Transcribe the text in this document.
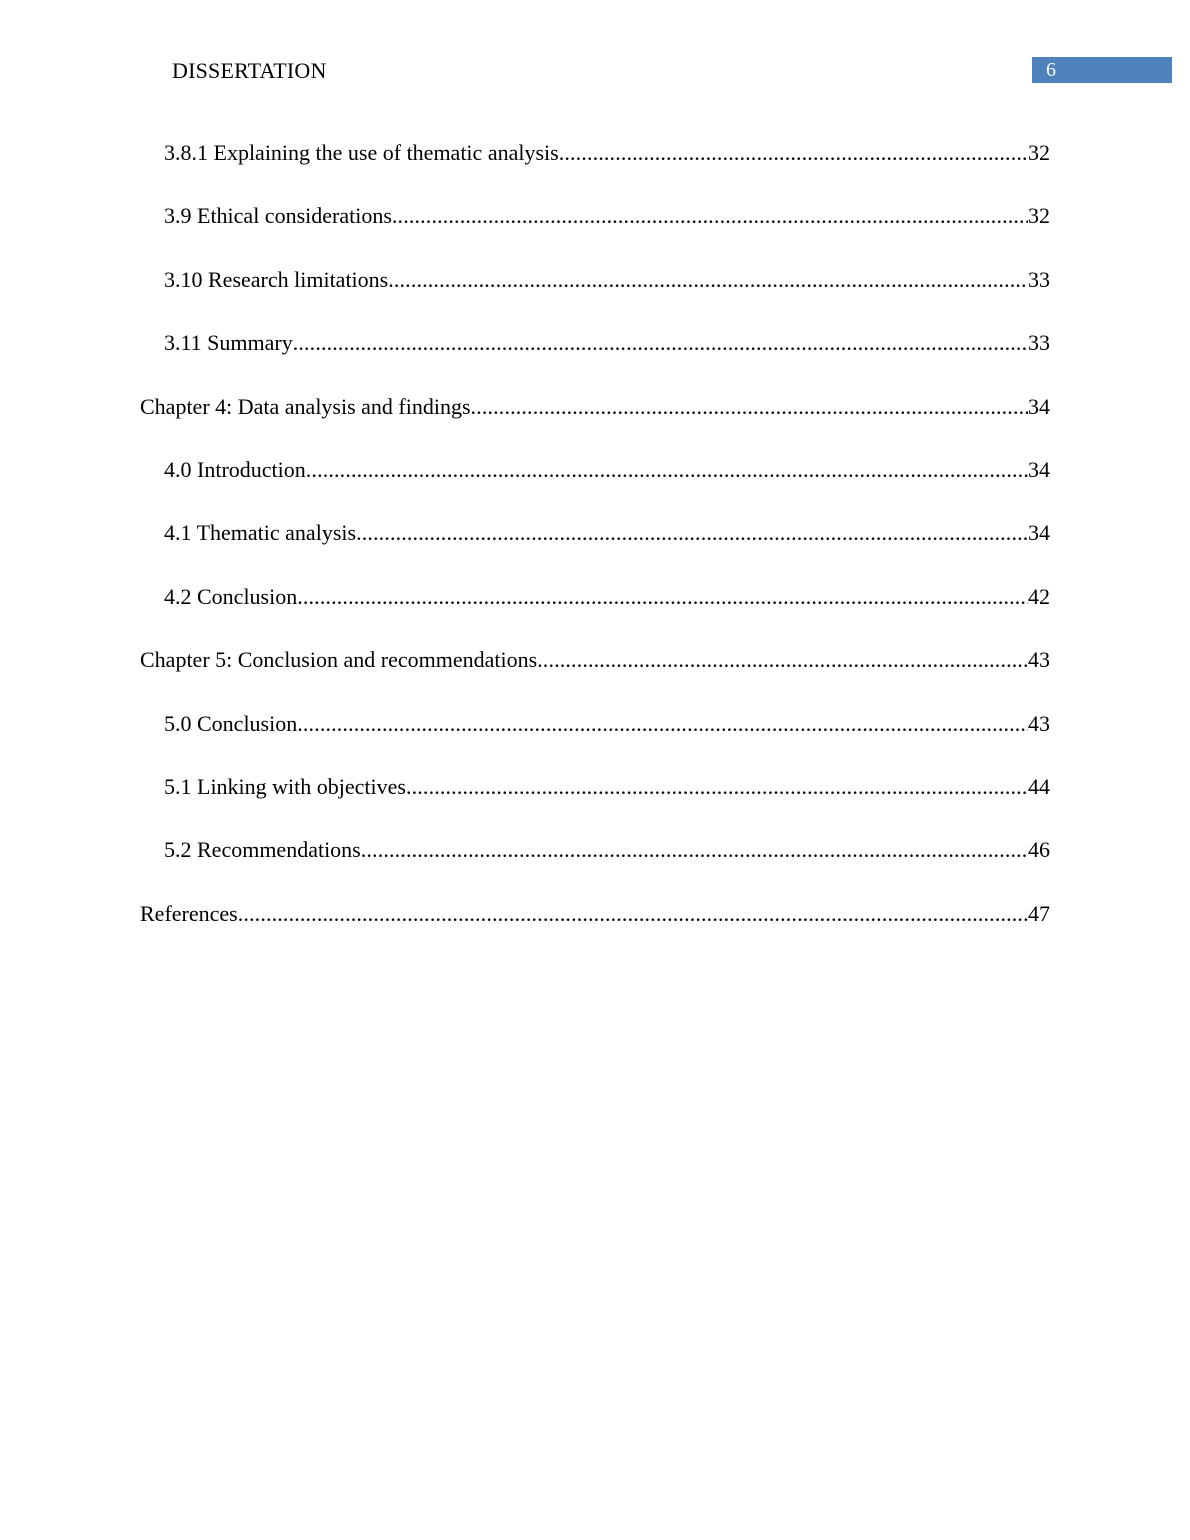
DISSERTATION	6
3.8.1 Explaining the use of thematic analysis .....	32
3.9 Ethical considerations .....	32
3.10 Research limitations .....	33
3.11 Summary .....	33
Chapter 4: Data analysis and findings .....	34
4.0 Introduction .....	34
4.1 Thematic analysis .....	34
4.2 Conclusion .....	42
Chapter 5: Conclusion and recommendations .....	43
5.0 Conclusion .....	43
5.1 Linking with objectives .....	44
5.2 Recommendations .....	46
References .....	47
